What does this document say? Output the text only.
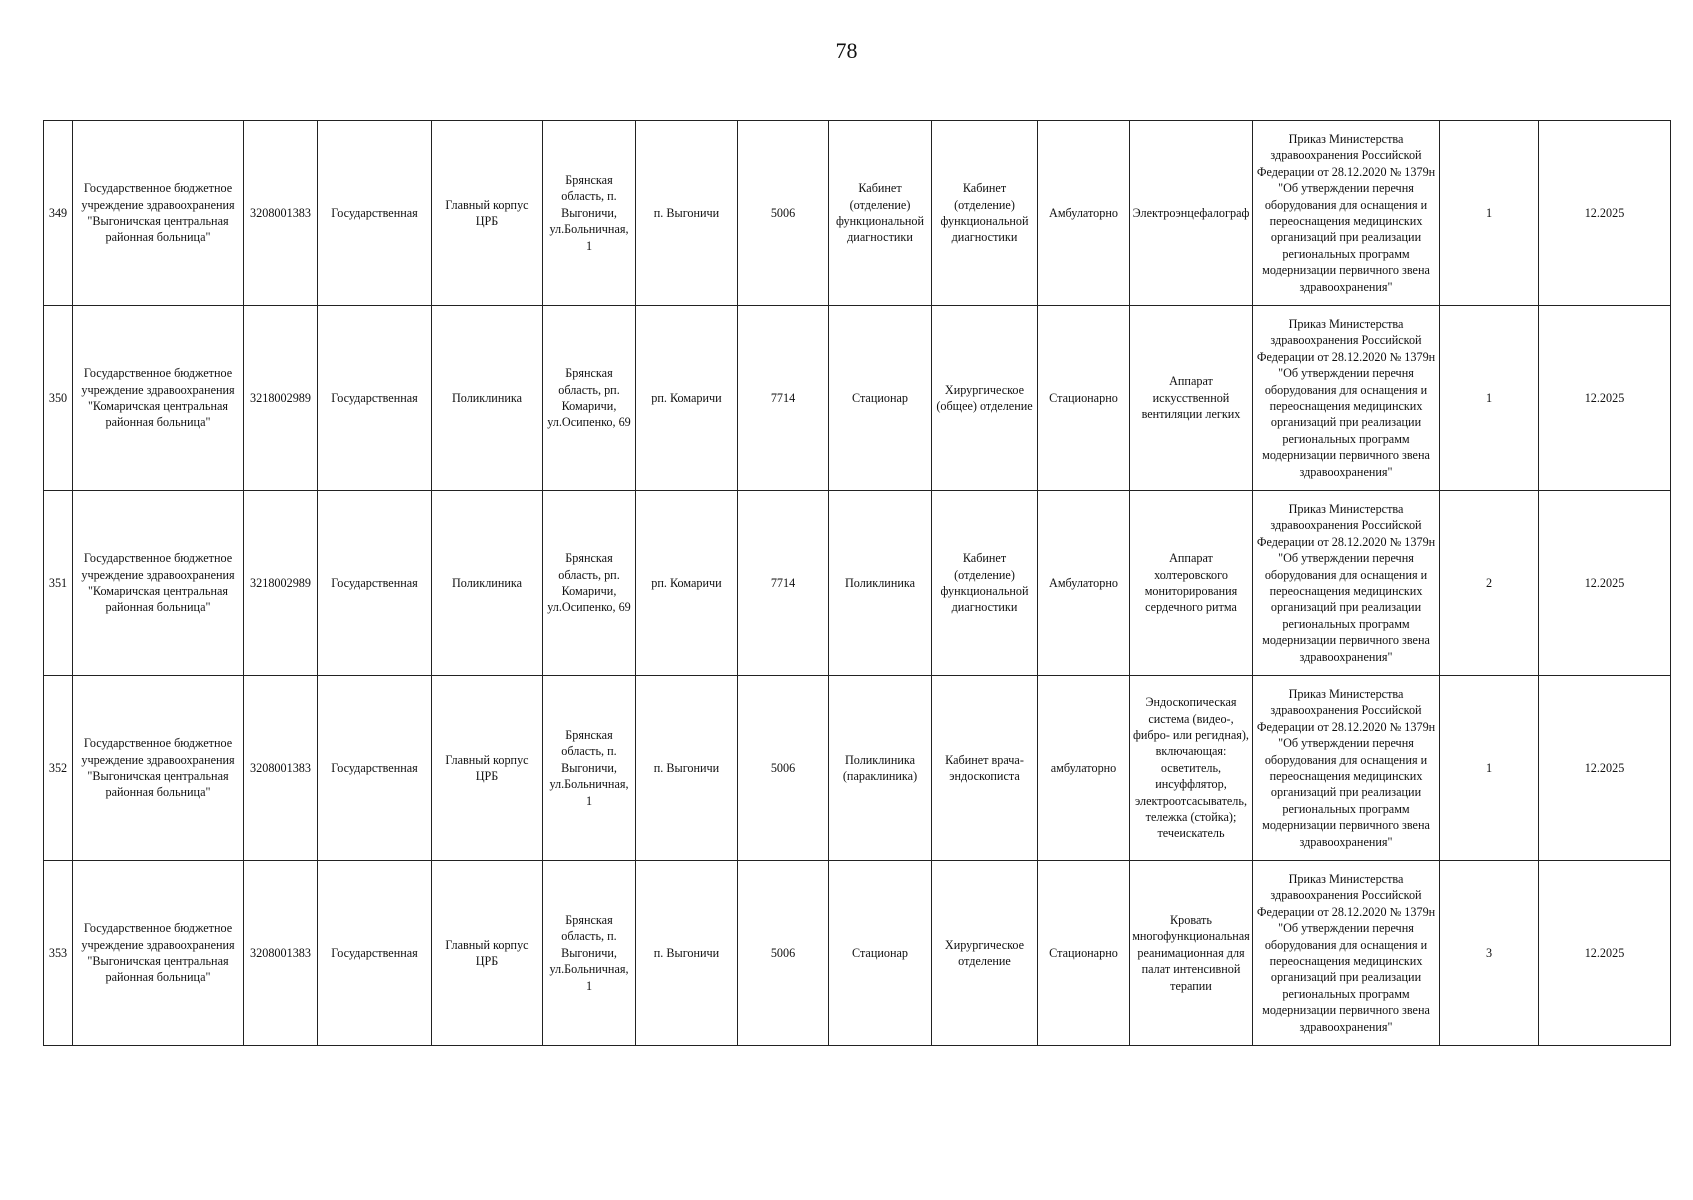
78
349	Государственное бюджетное учреждение здравоохранения "Выгоничская центральная районная больница"	3208001383	Государственная	Главный корпус ЦРБ	Брянская область, п. Выгоничи, ул.Больничная, 1	п. Выгоничи	5006	Кабинет (отделение) функциональной диагностики	Кабинет (отделение) функциональной диагностики	Амбулаторно	Электроэнцефалограф	Приказ Министерства здравоохранения Российской Федерации от 28.12.2020 № 1379н "Об утверждении перечня оборудования для оснащения и переоснащения медицинских организаций при реализации региональных программ модернизации первичного звена здравоохранения"	1	12.2025
350	Государственное бюджетное учреждение здравоохранения "Комаричская центральная районная больница"	3218002989	Государственная	Поликлиника	Брянская область, рп. Комаричи, ул.Осипенко, 69	рп. Комаричи	7714	Стационар	Хирургическое (общее) отделение	Стационарно	Аппарат искусственной вентиляции легких	Приказ Министерства здравоохранения Российской Федерации от 28.12.2020 № 1379н "Об утверждении перечня оборудования для оснащения и переоснащения медицинских организаций при реализации региональных программ модернизации первичного звена здравоохранения"	1	12.2025
351	Государственное бюджетное учреждение здравоохранения "Комаричская центральная районная больница"	3218002989	Государственная	Поликлиника	Брянская область, рп. Комаричи, ул.Осипенко, 69	рп. Комаричи	7714	Поликлиника	Кабинет (отделение) функциональной диагностики	Амбулаторно	Аппарат холтеровского мониторирования сердечного ритма	Приказ Министерства здравоохранения Российской Федерации от 28.12.2020 № 1379н "Об утверждении перечня оборудования для оснащения и переоснащения медицинских организаций при реализации региональных программ модернизации первичного звена здравоохранения"	2	12.2025
352	Государственное бюджетное учреждение здравоохранения "Выгоничская центральная районная больница"	3208001383	Государственная	Главный корпус ЦРБ	Брянская область, п. Выгоничи, ул.Больничная, 1	п. Выгоничи	5006	Поликлиника (параклиника)	Кабинет врача-эндоскописта	амбулаторно	Эндоскопическая система (видео-, фибро- или регидная), включающая: осветитель, инсуффлятор, электроотсасыватель, тележка (стойка); течеискатель	Приказ Министерства здравоохранения Российской Федерации от 28.12.2020 № 1379н "Об утверждении перечня оборудования для оснащения и переоснащения медицинских организаций при реализации региональных программ модернизации первичного звена здравоохранения"	1	12.2025
353	Государственное бюджетное учреждение здравоохранения "Выгоничская центральная районная больница"	3208001383	Государственная	Главный корпус ЦРБ	Брянская область, п. Выгоничи, ул.Больничная, 1	п. Выгоничи	5006	Стационар	Хирургическое отделение	Стационарно	Кровать многофункциональная реанимационная для палат интенсивной терапии	Приказ Министерства здравоохранения Российской Федерации от 28.12.2020 № 1379н "Об утверждении перечня оборудования для оснащения и переоснащения медицинских организаций при реализации региональных программ модернизации первичного звена здравоохранения"	3	12.2025
